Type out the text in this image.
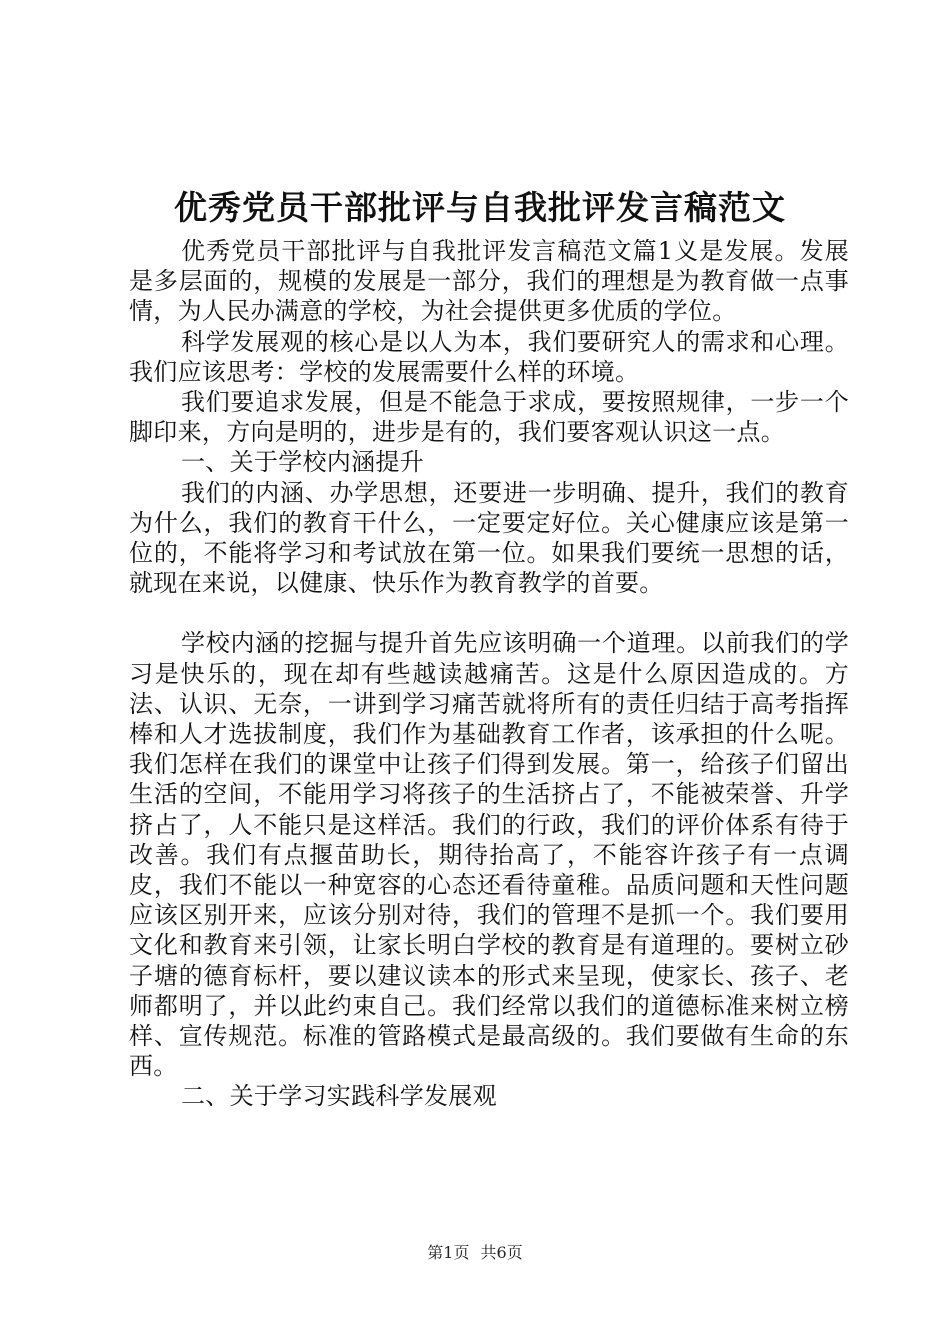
优秀党员干部批评与自我批评发言稿范文

优秀党员干部批评与自我批评发言稿范文篇1义是发展。发展是多层面的，规模的发展是一部分，我们的理想是为教育做一点事情，为人民办满意的学校，为社会提供更多优质的学位。

科学发展观的核心是以人为本，我们要研究人的需求和心理。我们应该思考：学校的发展需要什么样的环境。

我们要追求发展，但是不能急于求成，要按照规律，一步一个脚印来，方向是明的，进步是有的，我们要客观认识这一点。

一、关于学校内涵提升

我们的内涵、办学思想，还要进一步明确、提升，我们的教育为什么，我们的教育干什么，一定要定好位。关心健康应该是第一位的，不能将学习和考试放在第一位。如果我们要统一思想的话，就现在来说，以健康、快乐作为教育教学的首要。

学校内涵的挖掘与提升首先应该明确一个道理。以前我们的学习是快乐的，现在却有些越读越痛苦。这是什么原因造成的。方法、认识、无奈，一讲到学习痛苦就将所有的责任归结于高考指挥棒和人才选拔制度，我们作为基础教育工作者，该承担的什么呢。我们怎样在我们的课堂中让孩子们得到发展。第一，给孩子们留出生活的空间，不能用学习将孩子的生活挤占了，不能被荣誉、升学挤占了，人不能只是这样活。我们的行政，我们的评价体系有待于改善。我们有点揠苗助长，期待抬高了，不能容许孩子有一点调皮，我们不能以一种宽容的心态还看待童稚。品质问题和天性问题应该区别开来，应该分别对待，我们的管理不是抓一个。我们要用文化和教育来引领，让家长明白学校的教育是有道理的。要树立砂子塘的德育标杆，要以建议读本的形式来呈现，使家长、孩子、老师都明了，并以此约束自己。我们经常以我们的道德标准来树立榜样、宣传规范。标准的管路模式是最高级的。我们要做有生命的东西。

二、关于学习实践科学发展观

第1页 共6页
